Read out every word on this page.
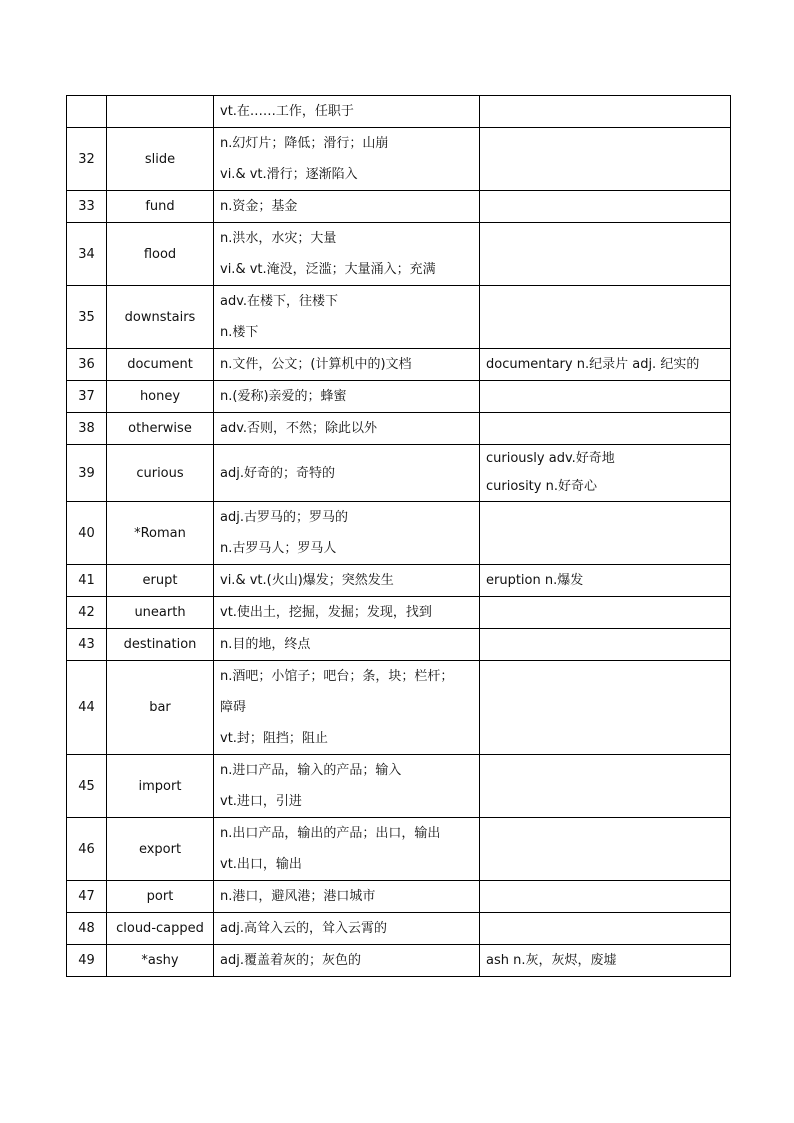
		vt.在……工作，任职于	

32	slide	n.幻灯片；降低；滑行；山崩
vi.& vt.滑行；逐渐陷入	

33	fund	n.资金；基金	

34	flood	n.洪水，水灾；大量
vi.& vt.淹没，泛滥；大量涌入；充满	

35	downstairs	adv.在楼下，往楼下
n.楼下	

36	document	n.文件，公文；(计算机中的)文档	documentary n.纪录片 adj. 纪实的

37	honey	n.(爱称)亲爱的；蜂蜜	

38	otherwise	adv.否则，不然；除此以外	

39	curious	adj.好奇的；奇特的	curiously adv.好奇地
curiosity n.好奇心

40	*Roman	adj.古罗马的；罗马的
n.古罗马人；罗马人	

41	erupt	vi.& vt.(火山)爆发；突然发生	eruption n.爆发

42	unearth	vt.使出土，挖掘，发掘；发现，找到	

43	destination	n.目的地，终点	

44	bar	n.酒吧；小馆子；吧台；条，块；栏杆；
障碍
vt.封；阻挡；阻止	

45	import	n.进口产品，输入的产品；输入
vt.进口，引进	

46	export	n.出口产品，输出的产品；出口，输出
vt.出口，输出	

47	port	n.港口，避风港；港口城市	

48	cloud-capped	adj.高耸入云的，耸入云霄的	

49	*ashy	adj.覆盖着灰的；灰色的	ash n.灰，灰烬，废墟
